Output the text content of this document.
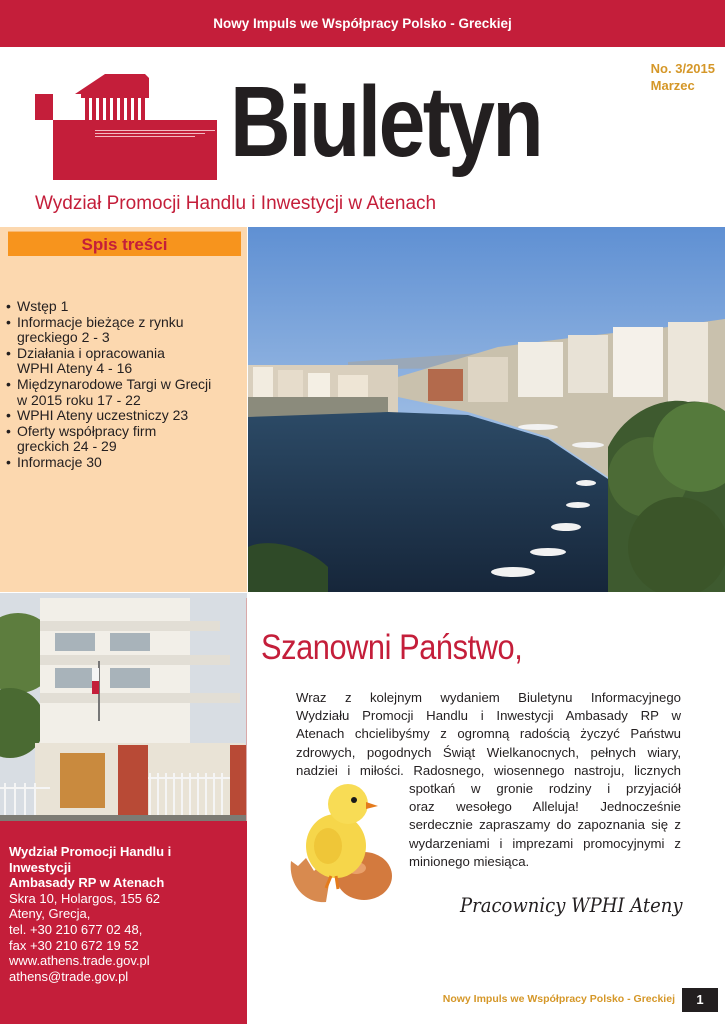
Nowy Impuls we Współpracy Polsko - Greckiej
Biuletyn	No. 3/2015
Marzec
Wydział Promocji Handlu i Inwestycji w Atenach
Spis treści
• Wstęp 1
• Informacje bieżące z rynku
greckiego 2 - 3
• Działania i opracowania
WPHI Ateny 4 - 16
• Międzynarodowe Targi w Grecji
w 2015 roku 17 - 22
• WPHI Ateny uczestniczy 23
• Oferty współpracy firm
greckich 24 - 29
• Informacje 30
Wydział Promocji Handlu i
Inwestycji
Ambasady RP w Atenach
Skra 10, Holargos, 155 62
Ateny, Grecja,
tel. +30 210 677 02 48,
fax +30 210 672 19 52
www.athens.trade.gov.pl
athens@trade.gov.pl
Szanowni Państwo,
Wraz z kolejnym wydaniem Biuletynu Informacyjnego
Wydziału Promocji Handlu i Inwestycji Ambasady RP w
Atenach chcielibyśmy z ogromną radością życzyć Państwu
zdrowych, pogodnych Świąt Wielkanocnych, pełnych wiary,
nadziei i miłości. Radosnego, wiosennego nastroju, licznych
spotkań w gronie rodziny i przyjaciół
oraz wesołego Alleluja! Jednocześnie
serdecznie zapraszamy do zapoznania się z
wydarzeniami i imprezami promocyjnymi z
minionego miesiąca.
Pracownicy WPHI Ateny
Nowy Impuls we Współpracy Polsko - Greckiej	1
